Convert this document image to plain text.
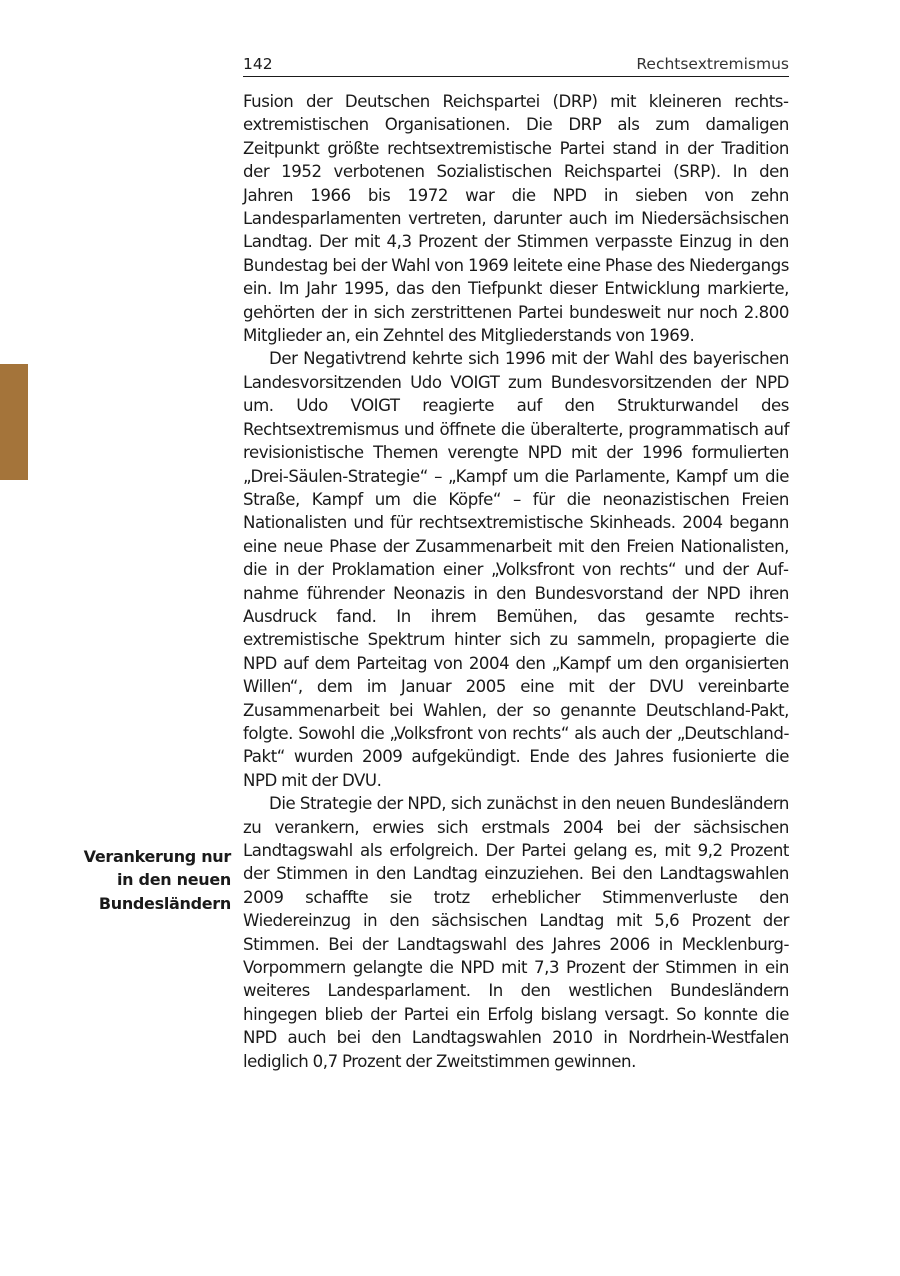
142	Rechtsextremismus
Verankerung nur
in den neuen
Bundesländern

Fusion der Deutschen Reichspartei (DRP) mit kleineren rechtsextremistischen Organisationen. Die DRP als zum damaligen Zeitpunkt größte rechtsextremistische Partei stand in der Tradition der 1952 verbotenen Sozialistischen Reichspartei (SRP). In den Jahren 1966 bis 1972 war die NPD in sieben von zehn Landesparlamenten vertreten, darunter auch im Niedersächsischen Landtag. Der mit 4,3 Prozent der Stimmen verpasste Einzug in den Bundestag bei der Wahl von 1969 leitete eine Phase des Niedergangs ein. Im Jahr 1995, das den Tiefpunkt dieser Entwicklung markierte, gehörten der in sich zerstrittenen Partei bundesweit nur noch 2.800 Mitglieder an, ein Zehntel des Mitgliederstands von 1969.

Der Negativtrend kehrte sich 1996 mit der Wahl des bayerischen Landesvorsitzenden Udo VOIGT zum Bundesvorsitzenden der NPD um. Udo VOIGT reagierte auf den Strukturwandel des Rechtsextremismus und öffnete die überalterte, programmatisch auf revisionistische Themen verengte NPD mit der 1996 formulierten „Drei-Säulen-Strategie“ – „Kampf um die Parlamente, Kampf um die Straße, Kampf um die Köpfe“ – für die neonazistischen Freien Nationalisten und für rechtsextremistische Skinheads. 2004 begann eine neue Phase der Zusammenarbeit mit den Freien Nationalisten, die in der Proklamation einer „Volksfront von rechts“ und der Aufnahme führender Neonazis in den Bundesvorstand der NPD ihren Ausdruck fand. In ihrem Bemühen, das gesamte rechtsextremistische Spektrum hinter sich zu sammeln, propagierte die NPD auf dem Parteitag von 2004 den „Kampf um den organisierten Willen“, dem im Januar 2005 eine mit der DVU vereinbarte Zusammenarbeit bei Wahlen, der so genannte Deutschland-Pakt, folgte. Sowohl die „Volksfront von rechts“ als auch der „Deutschland-Pakt“ wurden 2009 aufgekündigt. Ende des Jahres fusionierte die NPD mit der DVU.

Die Strategie der NPD, sich zunächst in den neuen Bundesländern zu verankern, erwies sich erstmals 2004 bei der sächsischen Landtagswahl als erfolgreich. Der Partei gelang es, mit 9,2 Prozent der Stimmen in den Landtag einzuziehen. Bei den Landtagswahlen 2009 schaffte sie trotz erheblicher Stimmenverluste den Wiedereinzug in den sächsischen Landtag mit 5,6 Prozent der Stimmen. Bei der Landtagswahl des Jahres 2006 in Mecklenburg-Vorpommern gelangte die NPD mit 7,3 Prozent der Stimmen in ein weiteres Landesparlament. In den westlichen Bundesländern hingegen blieb der Partei ein Erfolg bislang versagt. So konnte die NPD auch bei den Landtagswahlen 2010 in Nordrhein-Westfalen lediglich 0,7 Prozent der Zweitstimmen gewinnen.
